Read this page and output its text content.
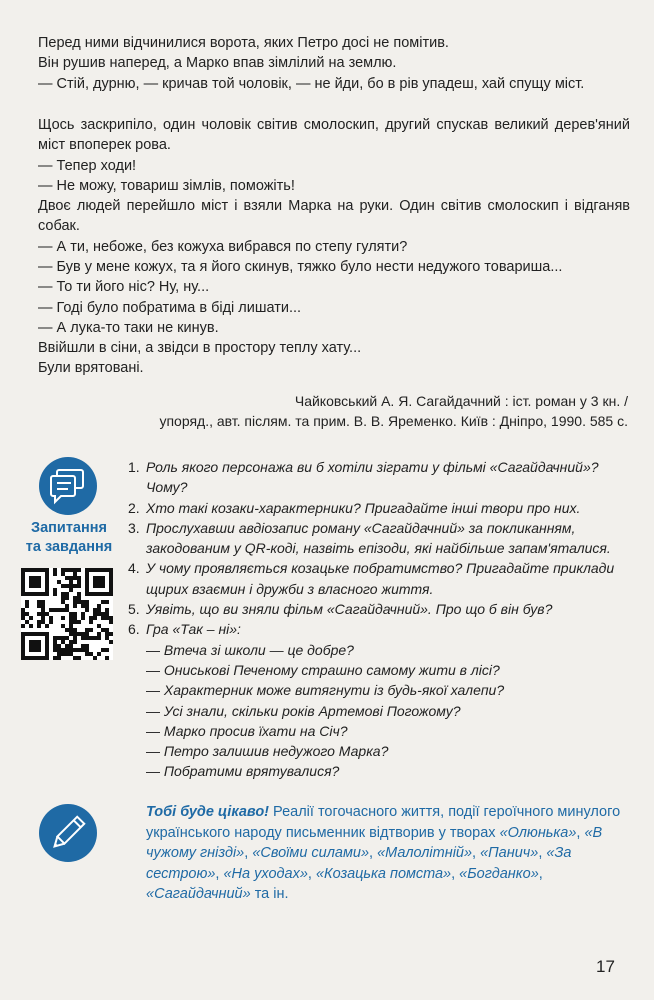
Перед ними відчинилися ворота, яких Петро досі не помітив.

Він рушив наперед, а Марко впав зімлілий на землю.

— Стій, дурню, — кричав той чоловік, — не йди, бо в рів упадеш, хай спущу міст.

Щось заскрипіло, один чоловік світив смолоскип, другий спускав великий дерев'яний міст впоперек рова.

— Тепер ходи!

— Не можу, товариш зімлів, поможіть!

Двоє людей перейшло міст і взяли Марка на руки. Один світив смолоскип і відганяв собак.

— А ти, небоже, без кожуха вибрався по степу гуляти?

— Був у мене кожух, та я його скинув, тяжко було нести недужого товариша...

— То ти його ніс? Ну, ну...

— Годі було побратима в біді лишати...

— А лука-то таки не кинув.

Ввійшли в сіни, а звідси в простору теплу хату...

Були врятовані.

Чайковський А. Я. Сагайдачний : іст. роман у 3 кн. /

упоряд., авт. післям. та прим. В. В. Яременко. Київ : Дніпро, 1990. 585 с.

Запитання
та завдання
1. Роль якого персонажа ви б хотіли зіграти у фільмі «Сагайдачний»? Чому?
2. Хто такі козаки-характерники? Пригадайте інші твори про них.
3. Прослухавши авдіозапис роману «Сагайдачний» за покликанням, закодованим у QR-коді, назвіть епізоди, які найбільше запам'яталися.
4. У чому проявляється козацьке побратимство? Пригадайте приклади щирих взаємин і дружби з власного життя.
5. Уявіть, що ви зняли фільм «Сагайдачний». Про що б він був?
6. Гра «Так – ні»:
— Втеча зі школи — це добре?
— Ониськові Печеному страшно самому жити в лісі?
— Характерник може витягнути із будь-якої халепи?
— Усі знали, скільки років Артемові Погожому?
— Марко просив їхати на Січ?
— Петро залишив недужого Марка?
— Побратими врятувалися?
Тобі буде цікаво! Реалії тогочасного життя, події героїчного минулого українського народу письменник відтворив у творах «Олюнька», «В чужому гнізді», «Своїми силами», «Малолітній», «Панич», «За сестрою», «На уходах», «Козацька помста», «Богданко», «Сагайдачний» та ін.
17
